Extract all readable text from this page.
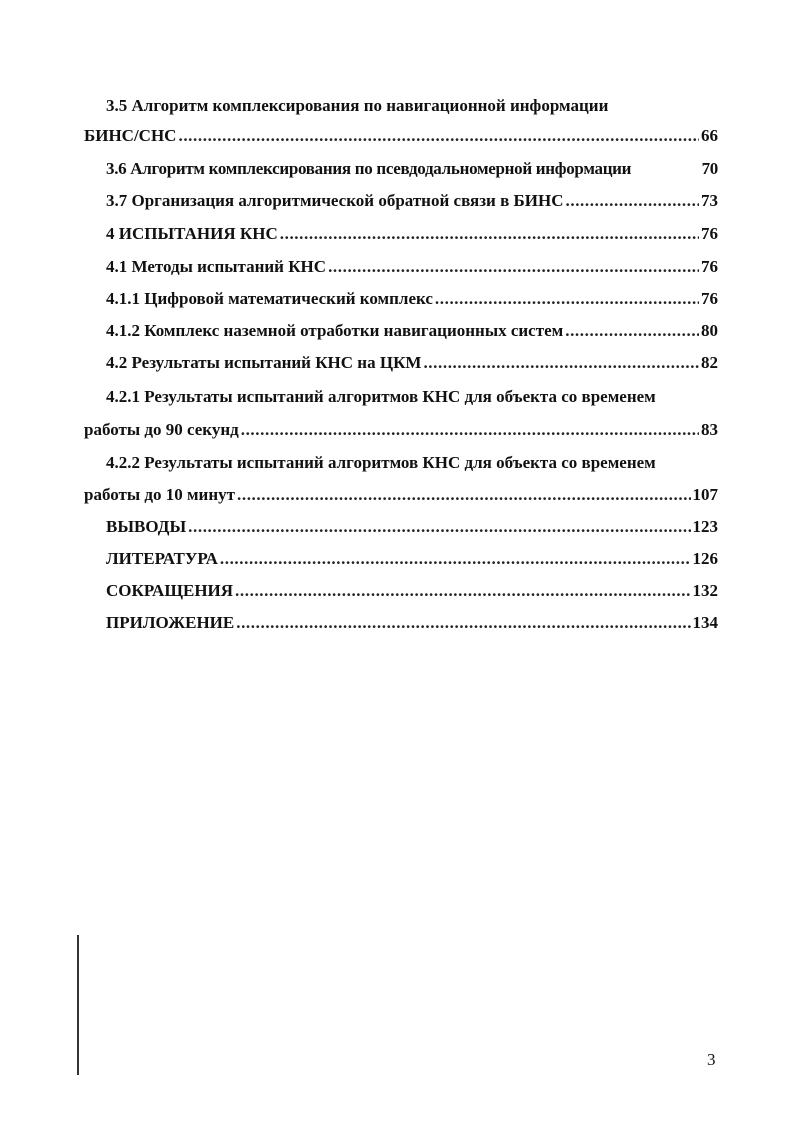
3.5 Алгоритм комплексирования по навигационной информации
БИНС/СНС .....	66
3.6 Алгоритм комплексирования по псевдодальномерной информации	70
3.7 Организация алгоритмической обратной связи в БИНС .....	73
4 ИСПЫТАНИЯ КНС .....	76
4.1 Методы испытаний КНС .....	76
4.1.1 Цифровой математический комплекс .....	76
4.1.2 Комплекс наземной отработки навигационных систем .....	80
4.2 Результаты испытаний КНС на ЦКМ .....	82
4.2.1 Результаты испытаний алгоритмов КНС для объекта со временем
работы до 90 секунд .....	83
4.2.2 Результаты испытаний алгоритмов КНС для объекта со временем
работы до 10 минут .....	107
ВЫВОДЫ .....	123
ЛИТЕРАТУРА .....	126
СОКРАЩЕНИЯ .....	132
ПРИЛОЖЕНИЕ .....	134
3
